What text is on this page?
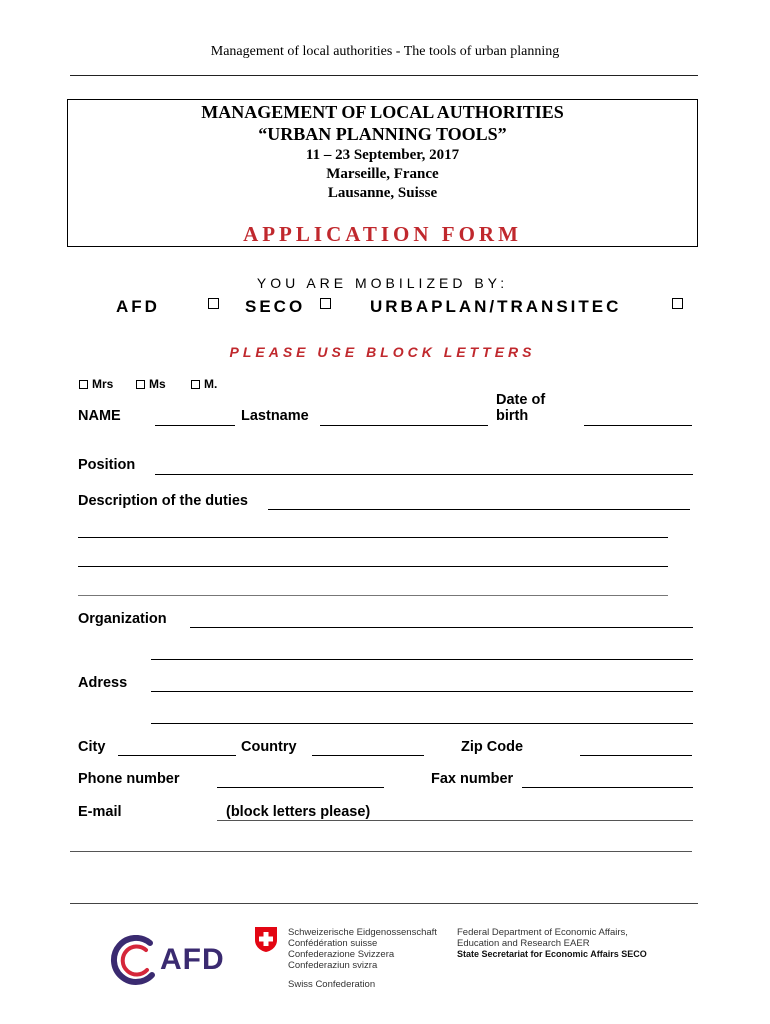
Management of local authorities - The tools of urban planning
MANAGEMENT OF LOCAL AUTHORITIES
“URBAN PLANNING TOOLS”
11 – 23 September, 2017
Marseille, France
Lausanne, Suisse
APPLICATION FORM
YOU ARE MOBILIZED BY:
AFD	SECO	URBAPLAN/TRANSITEC
PLEASE USE BLOCK LETTERS
Mrs	Ms	M.
NAME	Lastname
Date of
birth
Position
Description of the duties
Organization
Adress
City	Country	Zip Code
Phone number	Fax number
E-mail	(block letters please)
AFD
Schweizerische Eidgenossenschaft
Confédération suisse
Confederazione Svizzera
Confederaziun svizra
Swiss Confederation
Federal Department of Economic Affairs,
Education and Research EAER
State Secretariat for Economic Affairs SECO
